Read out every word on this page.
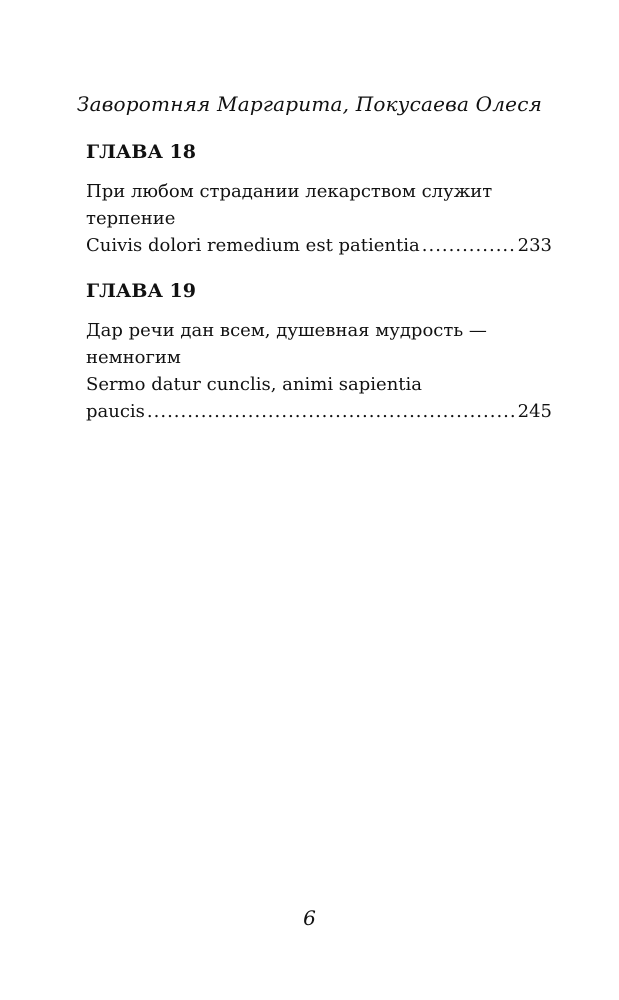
Заворотняя Маргарита, Покусаева Олеся
ГЛАВА 18
При любом страдании лекарством служит
терпение
Cuivis dolori remedium est patientia .....	233
ГЛАВА 19
Дар речи дан всем, душевная мудрость —
немногим
Sermo datur cunclis, animi sapientia
paucis .....	245
6
